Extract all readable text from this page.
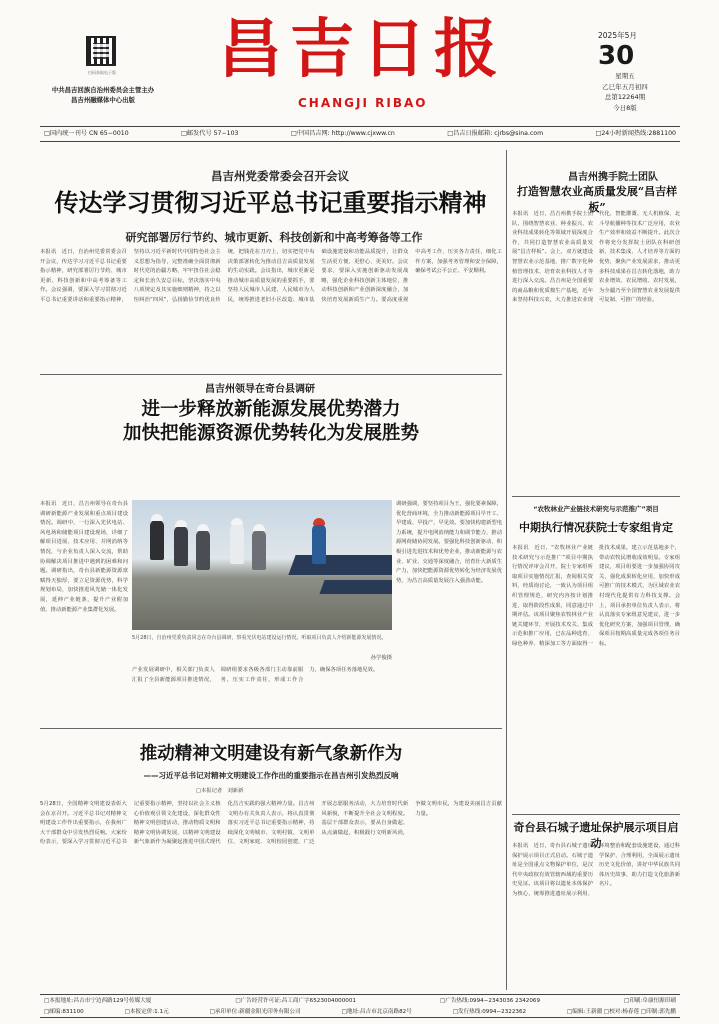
扫码获取电子版
中共昌吉回族自治州委员会主管主办
昌吉州融媒体中心出版
昌吉日报
CHANGJI RIBAO
2025年5月
30
星期五
乙巳年五月初四
总第12264期
今日8版
□国内统一刊号 CN 65−0010	□邮发代号 57−103	□中国昌吉网: http://www.cjxww.cn	□昌吉日报邮箱: cjrbs@sina.com	□24小时新闻热线:2881100
昌吉州党委常委会召开会议
传达学习贯彻习近平总书记重要指示精神
研究部署厉行节约、城市更新、科技创新和中高考筹备等工作
本报讯　近日，自治州党委常委会召开会议，传达学习习近平总书记重要指示精神，研究部署厉行节约、城市更新、科技创新和中高考筹备等工作。会议强调，要深入学习贯彻习近平总书记重要讲话和重要指示精神，坚持以习近平新时代中国特色社会主义思想为指导，完整准确全面贯彻新时代党的治疆方略，牢牢扭住社会稳定和长治久安总目标，坚决落实中央八项规定及其实施细则精神，持之以恒纠治“四风”，弘扬勤俭节约优良传统，把钱花在刀刃上，切实把党中央决策部署转化为推动昌吉高质量发展的生动实践。会议指出，城市更新是推动城市高质量发展的重要抓手，要坚持人民城市人民建、人民城市为人民，统筹推进老旧小区改造、城市基础设施建设和功能品质提升，让群众生活更方便、更舒心、更美好。会议要求，要深入实施创新驱动发展战略，强化企业科技创新主体地位，推动科技创新和产业创新深度融合，加快培育发展新质生产力。要高度重视中高考工作，压实各方责任，细化工作方案，加强考务管理和安全保障，确保考试公平公正、平安顺利。
昌吉州携手院士团队
打造智慧农业高质量发展“昌吉样板”
本报讯　近日，昌吉州携手院士团队，围绕智慧农业、种业振兴、农业科技成果转化等领域开展深度合作，共同打造智慧农业高质量发展“昌吉样板”。会上，双方就建设智慧农业示范基地、推广数字化种植管理技术、培育农业科技人才等进行深入交流。昌吉州是全国重要的商品粮和优质棉生产基地，近年来坚持科技兴农，大力推进农业现代化，智能灌溉、无人机植保、北斗导航播种等技术广泛应用，农业生产效率和效益不断提升。此次合作将充分发挥院士团队在科研创新、技术集成、人才培养等方面的优势，聚焦产业发展需求，推动更多科技成果在昌吉转化落地，助力农业增效、农民增收、农村发展，为全疆乃至全国智慧农业发展提供可复制、可推广的经验。
昌吉州领导在奇台县调研
进一步释放新能源发展优势潜力
加快把能源资源优势转化为发展胜势
本报讯　近日，昌吉州领导在奇台县调研新能源产业发展和重点项目建设情况。调研中，一行深入光伏电站、风电场和储能项目建设现场，详细了解项目进展、技术应用、并网消纳等情况，与企业负责人深入交流，帮助协调解决项目推进中遇到的困难和问题。调研指出，奇台县新能源资源禀赋得天独厚，要立足资源优势，科学规划布局，加快推进风光储一体化发展，延伸产业链条，提升产业附加值，推动新能源产业集群化发展。
5月28日，自治州党委负责同志在奇台县调研，察看光伏电站建设运行情况，听取项目负责人介绍新能源发展情况。
孙学俊摄
产业发展调研中，相关部门负责人汇报了全县新能源项目推进情况，调研组要求各级各部门主动靠前服务，压实工作责任，形成工作合力，确保各项任务落地见效。
调研强调，要坚持项目为王，强化要素保障，优化营商环境，全力推动新能源项目早开工、早建成、早投产、早见效。要加快构建新型电力系统，提升电网消纳能力和调节能力，推动源网荷储协同发展。要强化科技创新驱动，积极引进先进技术和优势企业，推动新能源与农业、矿业、交通等深度融合，培育壮大新质生产力，加快把能源资源优势转化为经济发展优势，为昌吉高质量发展注入强劲动能。
“农牧林业产业链技术研究与示范推广”项目
中期执行情况获院士专家组肯定
本报讯　近日，“农牧林业产业链技术研究与示范推广”项目中期执行情况评审会召开，院士专家组听取项目实施情况汇报，查阅相关资料，经质询讨论，一致认为项目组织管理规范，研究内容按计划推进，取得阶段性成果，同意通过中期评估。该项目聚焦农牧林业产业链关键环节，开展技术攻关、集成示范和推广应用，已在品种选育、绿色种养、精深加工等方面取得一批技术成果，建立示范基地多个，带动农牧民增收成效明显。专家组建议，项目组要进一步加强协同攻关，强化成果转化应用，加快形成可推广的技术模式，为区域农业农村现代化提供有力科技支撑。会上，项目承担单位负责人表示，将认真落实专家组意见建议，进一步优化研究方案，加强项目管理，确保项目按期高质量完成各项任务目标。
推动精神文明建设有新气象新作为
——习近平总书记对精神文明建设工作作出的重要指示在昌吉州引发热烈反响
□本报记者　刘新新
5月28日，全国精神文明建设表彰大会在京召开。习近平总书记对精神文明建设工作作出重要指示，在我州广大干部群众中引发热烈反响。大家纷纷表示，要深入学习贯彻习近平总书记重要指示精神，坚持以社会主义核心价值观引领文化建设，深化群众性精神文明创建活动，推动物质文明和精神文明协调发展，以精神文明建设新气象新作为凝聚起推进中国式现代化昌吉实践的强大精神力量。昌吉州文明办有关负责人表示，将认真贯彻落实习近平总书记重要指示精神，持续深化文明城市、文明村镇、文明单位、文明家庭、文明校园创建，广泛开展志愿服务活动，大力培育时代新风新貌，不断提升全社会文明程度。基层干部群众表示，要从自身做起、从点滴做起，积极践行文明新风尚，争做文明市民，为建设美丽昌吉贡献力量。
奇台县石城子遗址保护展示项目启动
本报讯　近日，奇台县石城子遗址保护展示项目正式启动。石城子遗址是全国重点文物保护单位，是汉代中央政权有效管辖西域的重要历史见证。该项目将以遗址本体保护为核心，统筹推进遗址展示利用、环境整治和配套设施建设，通过科学保护、合理利用，全面展示遗址历史文化价值，讲好中华民族共同体历史故事，助力打造文化旅游新名片。
□本报地址:昌吉市宁边西路129号传媒大厦	□广告经营许可证:昌工商广字6523004000001	□广告热线:0994−2343036 2342069	□印刷:阜康恒源印刷
□邮编:831100	□本报定价:1.1元	□承印单位:新疆金阳光印务有限公司	□地址:昌吉市北京南路82号	□发行热线:0994−2322362	□编辑:王新疆 □校对:杨春莲 □印制:郭先鹏
